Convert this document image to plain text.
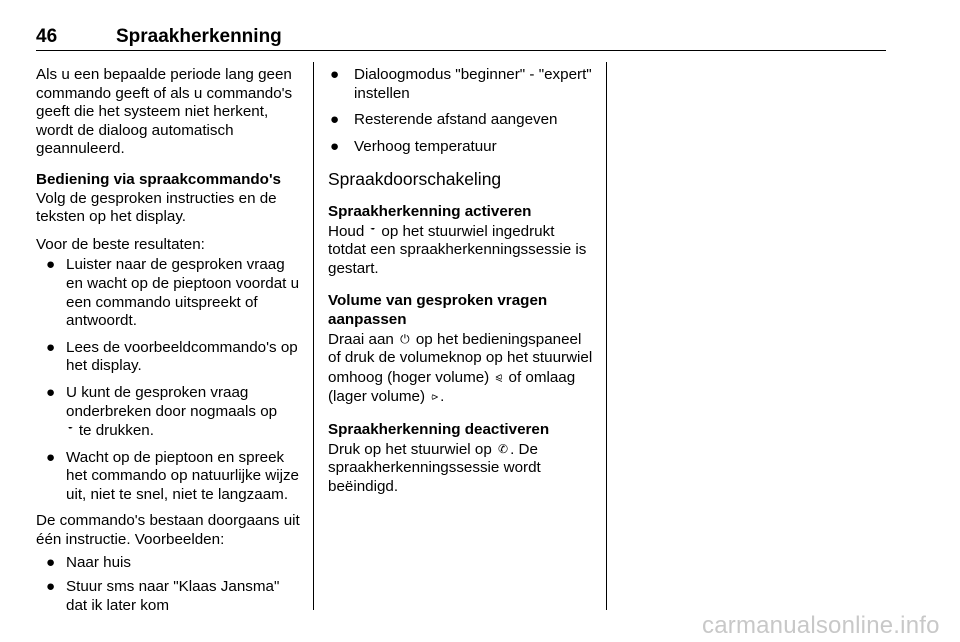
46	Spraakherkenning

Als u een bepaalde periode lang geen commando geeft of als u commando's geeft die het systeem niet herkent, wordt de dialoog automatisch geannuleerd.

Bediening via spraakcommando's

Volg de gesproken instructies en de teksten op het display.

Voor de beste resultaten:

● Luister naar de gesproken vraag en wacht op de pieptoon voordat u een commando uitspreekt of antwoordt.
● Lees de voorbeeldcommando's op het display.
● U kunt de gesproken vraag onderbreken door nogmaals op
𝄻 te drukken.
● Wacht op de pieptoon en spreek het commando op natuurlijke wijze uit, niet te snel, niet te langzaam.

De commando's bestaan doorgaans uit één instructie. Voorbeelden:

● Naar huis
● Stuur sms naar "Klaas Jansma" dat ik later kom
● Dialoogmodus "beginner" - "expert" instellen
● Resterende afstand aangeven
● Verhoog temperatuur
Spraakdoorschakeling

Spraakherkenning activeren

Houd 𝄻 op het stuurwiel ingedrukt totdat een spraakherkenningssessie is gestart.

Volume van gesproken vragen aanpassen

Draai aan ⏻ op het bedieningspaneel of druk de volumeknop op het stuurwiel omhoog (hoger volume) ⪨ of omlaag (lager volume) ⪧ .

Spraakherkenning deactiveren

Druk op het stuurwiel op ✆ . De spraakherkenningssessie wordt beëindigd.

carmanualsonline.info
